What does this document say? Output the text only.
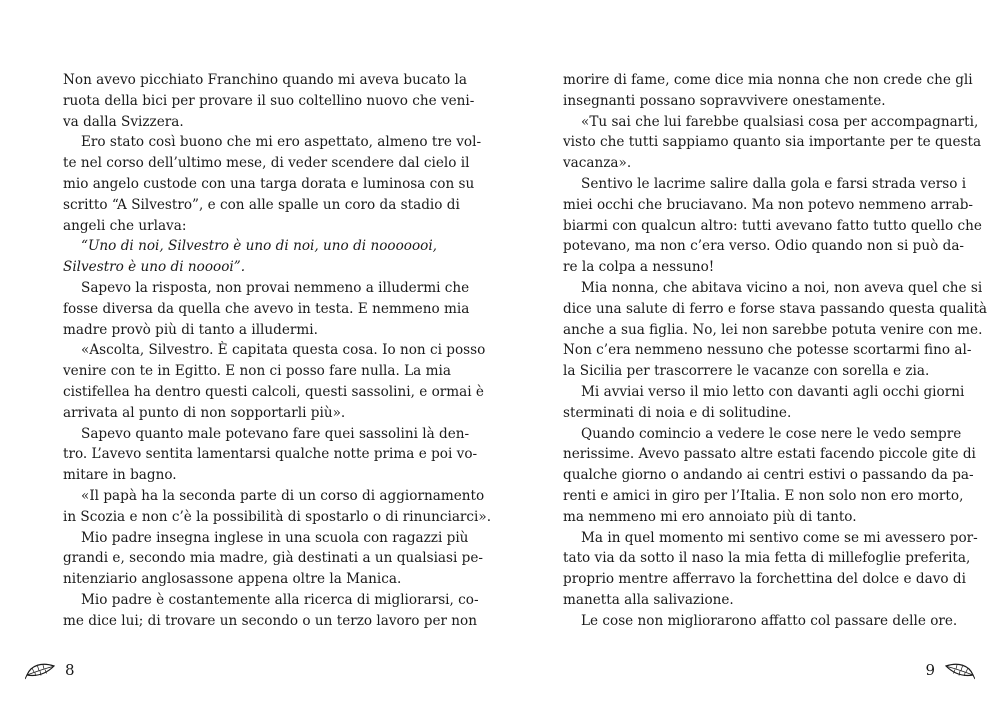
Non avevo picchiato Franchino quando mi aveva bucato la
ruota della bici per provare il suo coltellino nuovo che veni-
va dalla Svizzera.
Ero stato così buono che mi ero aspettato, almeno tre vol-
te nel corso dell’ultimo mese, di veder scendere dal cielo il
mio angelo custode con una targa dorata e luminosa con su
scritto “A Silvestro”, e con alle spalle un coro da stadio di
angeli che urlava:
“Uno di noi, Silvestro è uno di noi, uno di nooooooi,
Silvestro è uno di nooooi”.
Sapevo la risposta, non provai nemmeno a illudermi che
fosse diversa da quella che avevo in testa. E nemmeno mia
madre provò più di tanto a illudermi.
«Ascolta, Silvestro. È capitata questa cosa. Io non ci posso
venire con te in Egitto. E non ci posso fare nulla. La mia
cistifellea ha dentro questi calcoli, questi sassolini, e ormai è
arrivata al punto di non sopportarli più».
Sapevo quanto male potevano fare quei sassolini là den-
tro. L’avevo sentita lamentarsi qualche notte prima e poi vo-
mitare in bagno.
«Il papà ha la seconda parte di un corso di aggiornamento
in Scozia e non c’è la possibilità di spostarlo o di rinunciarci».
Mio padre insegna inglese in una scuola con ragazzi più
grandi e, secondo mia madre, già destinati a un qualsiasi pe-
nitenziario anglosassone appena oltre la Manica.
Mio padre è costantemente alla ricerca di migliorarsi, co-
me dice lui; di trovare un secondo o un terzo lavoro per non
morire di fame, come dice mia nonna che non crede che gli
insegnanti possano sopravvivere onestamente.
«Tu sai che lui farebbe qualsiasi cosa per accompagnarti,
visto che tutti sappiamo quanto sia importante per te questa
vacanza».
Sentivo le lacrime salire dalla gola e farsi strada verso i
miei occhi che bruciavano. Ma non potevo nemmeno arrab-
biarmi con qualcun altro: tutti avevano fatto tutto quello che
potevano, ma non c’era verso. Odio quando non si può da-
re la colpa a nessuno!
Mia nonna, che abitava vicino a noi, non aveva quel che si
dice una salute di ferro e forse stava passando questa qualità
anche a sua figlia. No, lei non sarebbe potuta venire con me.
Non c’era nemmeno nessuno che potesse scortarmi fino al-
la Sicilia per trascorrere le vacanze con sorella e zia.
Mi avviai verso il mio letto con davanti agli occhi giorni
sterminati di noia e di solitudine.
Quando comincio a vedere le cose nere le vedo sempre
nerissime. Avevo passato altre estati facendo piccole gite di
qualche giorno o andando ai centri estivi o passando da pa-
renti e amici in giro per l’Italia. E non solo non ero morto,
ma nemmeno mi ero annoiato più di tanto.
Ma in quel momento mi sentivo come se mi avessero por-
tato via da sotto il naso la mia fetta di millefoglie preferita,
proprio mentre afferravo la forchettina del dolce e davo di
manetta alla salivazione.
Le cose non migliorarono affatto col passare delle ore.
8	9
